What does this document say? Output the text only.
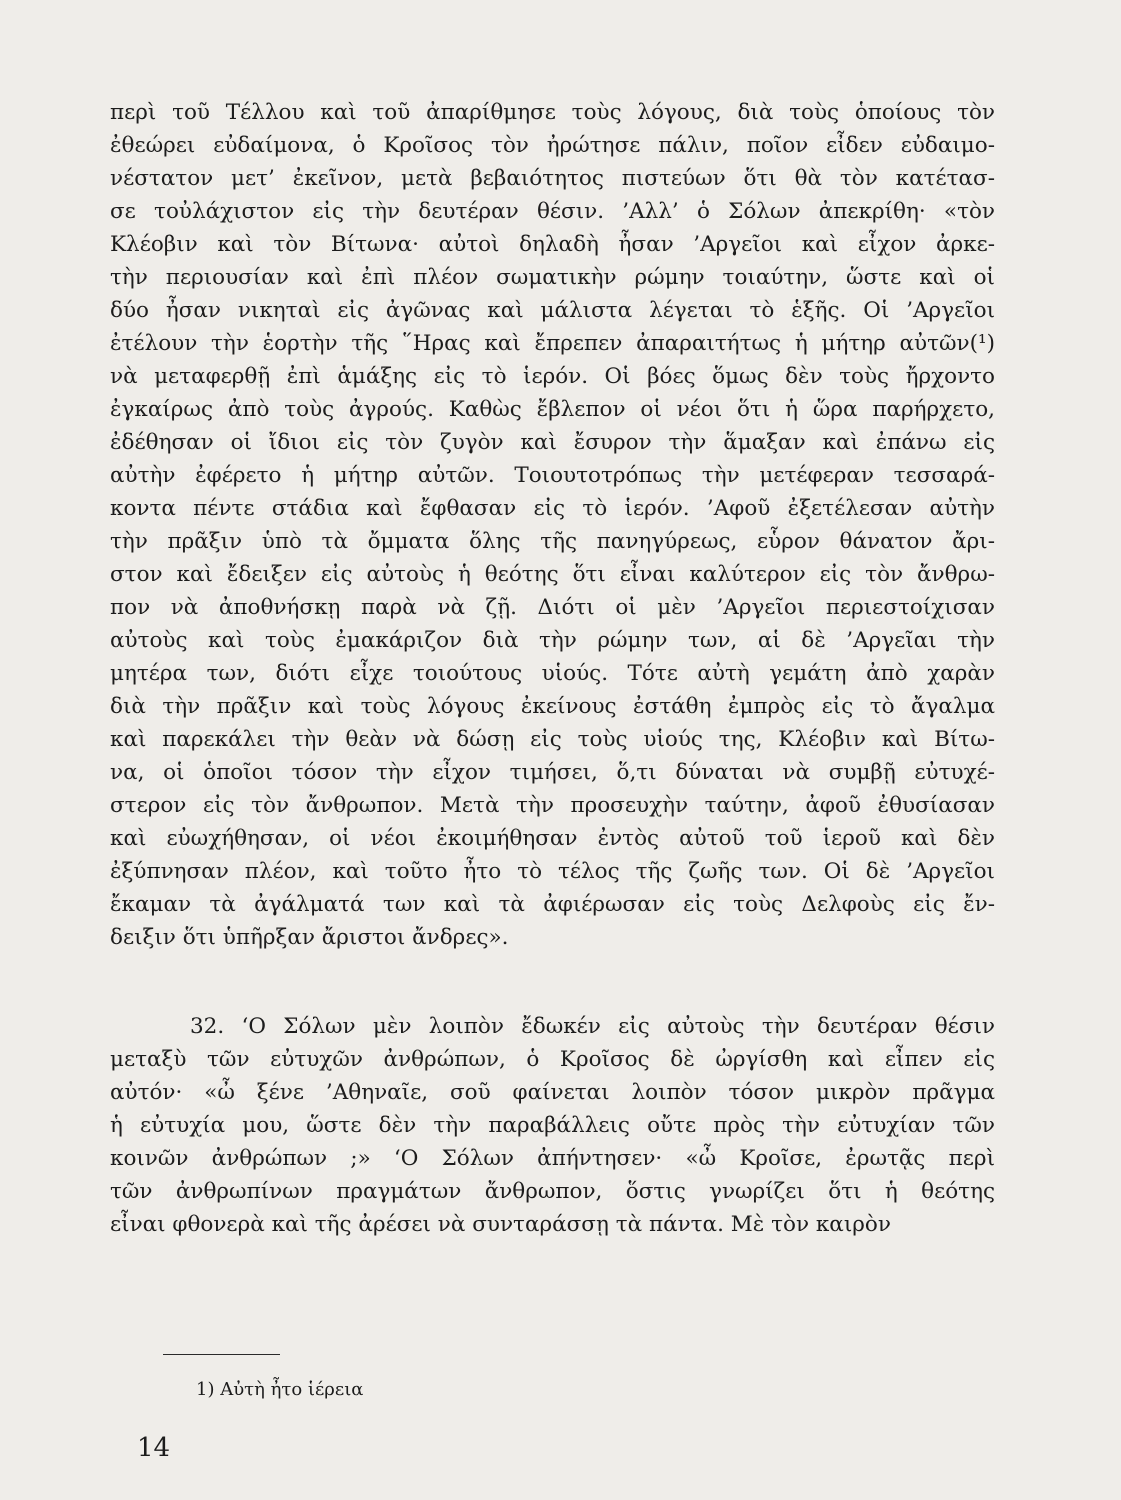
περὶ τοῦ Τέλλου καὶ τοῦ ἀπαρίθμησε τοὺς λόγους, διὰ τοὺς ὁποίους τὸν
ἐθεώρει εὐδαίμονα, ὁ Κροῖσος τὸν ἠρώτησε πάλιν, ποῖον εἶδεν εὐδαιμο-
νέστατον μετ’ ἐκεῖνον, μετὰ βεβαιότητος πιστεύων ὅτι θὰ τὸν κατέτασ-
σε τοὐλάχιστον εἰς τὴν δευτέραν θέσιν. ’Αλλ’ ὁ Σόλων ἀπεκρίθη· «τὸν
Κλέοβιν καὶ τὸν Βίτωνα· αὐτοὶ δηλαδὴ ἦσαν ’Αργεῖοι καὶ εἶχον ἀρκε-
τὴν περιουσίαν καὶ ἐπὶ πλέον σωματικὴν ρώμην τοιαύτην, ὥστε καὶ οἱ
δύο ἦσαν νικηταὶ εἰς ἀγῶνας καὶ μάλιστα λέγεται τὸ ἑξῆς. Οἱ ’Αργεῖοι
ἐτέλουν τὴν ἑορτὴν τῆς ῞Ηρας καὶ ἔπρεπεν ἀπαραιτήτως ἡ μήτηρ αὐτῶν(¹)
νὰ μεταφερθῇ ἐπὶ ἁμάξης εἰς τὸ ἱερόν. Οἱ βόες ὅμως δὲν τοὺς ἤρχοντο
ἐγκαίρως ἀπὸ τοὺς ἀγρούς. Καθὼς ἔβλεπον οἱ νέοι ὅτι ἡ ὥρα παρήρχετο,
ἐδέθησαν οἱ ἴδιοι εἰς τὸν ζυγὸν καὶ ἔσυρον τὴν ἅμαξαν καὶ ἐπάνω εἰς
αὐτὴν ἐφέρετο ἡ μήτηρ αὐτῶν. Τοιουτοτρόπως τὴν μετέφεραν τεσσαρά-
κοντα πέντε στάδια καὶ ἔφθασαν εἰς τὸ ἱερόν. ’Αφοῦ ἐξετέλεσαν αὐτὴν
τὴν πρᾶξιν ὑπὸ τὰ ὄμματα ὅλης τῆς πανηγύρεως, εὗρον θάνατον ἄρι-
στον καὶ ἔδειξεν εἰς αὐτοὺς ἡ θεότης ὅτι εἶναι καλύτερον εἰς τὸν ἄνθρω-
πον νὰ ἀποθνήσκῃ παρὰ νὰ ζῇ. Διότι οἱ μὲν ’Αργεῖοι περιεστοίχισαν
αὐτοὺς καὶ τοὺς ἐμακάριζον διὰ τὴν ρώμην των, αἱ δὲ ’Αργεῖαι τὴν
μητέρα των, διότι εἶχε τοιούτους υἱούς. Τότε αὐτὴ γεμάτη ἀπὸ χαρὰν
διὰ τὴν πρᾶξιν καὶ τοὺς λόγους ἐκείνους ἐστάθη ἐμπρὸς εἰς τὸ ἄγαλμα
καὶ παρεκάλει τὴν θεὰν νὰ δώσῃ εἰς τοὺς υἱούς της, Κλέοβιν καὶ Βίτω-
να, οἱ ὁποῖοι τόσον τὴν εἶχον τιμήσει, ὅ,τι δύναται νὰ συμβῇ εὐτυχέ-
στερον εἰς τὸν ἄνθρωπον. Μετὰ τὴν προσευχὴν ταύτην, ἀφοῦ ἐθυσίασαν
καὶ εὐωχήθησαν, οἱ νέοι ἐκοιμήθησαν ἐντὸς αὐτοῦ τοῦ ἱεροῦ καὶ δὲν
ἐξύπνησαν πλέον, καὶ τοῦτο ἦτο τὸ τέλος τῆς ζωῆς των. Οἱ δὲ ’Αργεῖοι
ἔκαμαν τὰ ἀγάλματά των καὶ τὰ ἀφιέρωσαν εἰς τοὺς Δελφοὺς εἰς ἔν-
δειξιν ὅτι ὑπῆρξαν ἄριστοι ἄνδρες».
32. ‘Ο Σόλων μὲν λοιπὸν ἔδωκέν εἰς αὐτοὺς τὴν δευτέραν θέσιν
μεταξὺ τῶν εὐτυχῶν ἀνθρώπων, ὁ Κροῖσος δὲ ὠργίσθη καὶ εἶπεν εἰς
αὐτόν· «ὦ ξένε ’Αθηναῖε, σοῦ φαίνεται λοιπὸν τόσον μικρὸν πρᾶγμα
ἡ εὐτυχία μου, ὥστε δὲν τὴν παραβάλλεις οὔτε πρὸς τὴν εὐτυχίαν τῶν
κοινῶν ἀνθρώπων ;» ‘Ο Σόλων ἀπήντησεν· «ὦ Κροῖσε, ἐρωτᾷς περὶ
τῶν ἀνθρωπίνων πραγμάτων ἄνθρωπον, ὅστις γνωρίζει ὅτι ἡ θεότης
εἶναι φθονερὰ καὶ τῆς ἀρέσει νὰ συνταράσσῃ τὰ πάντα. Μὲ τὸν καιρὸν
1) Αὐτὴ ἦτο ἱέρεια
14
